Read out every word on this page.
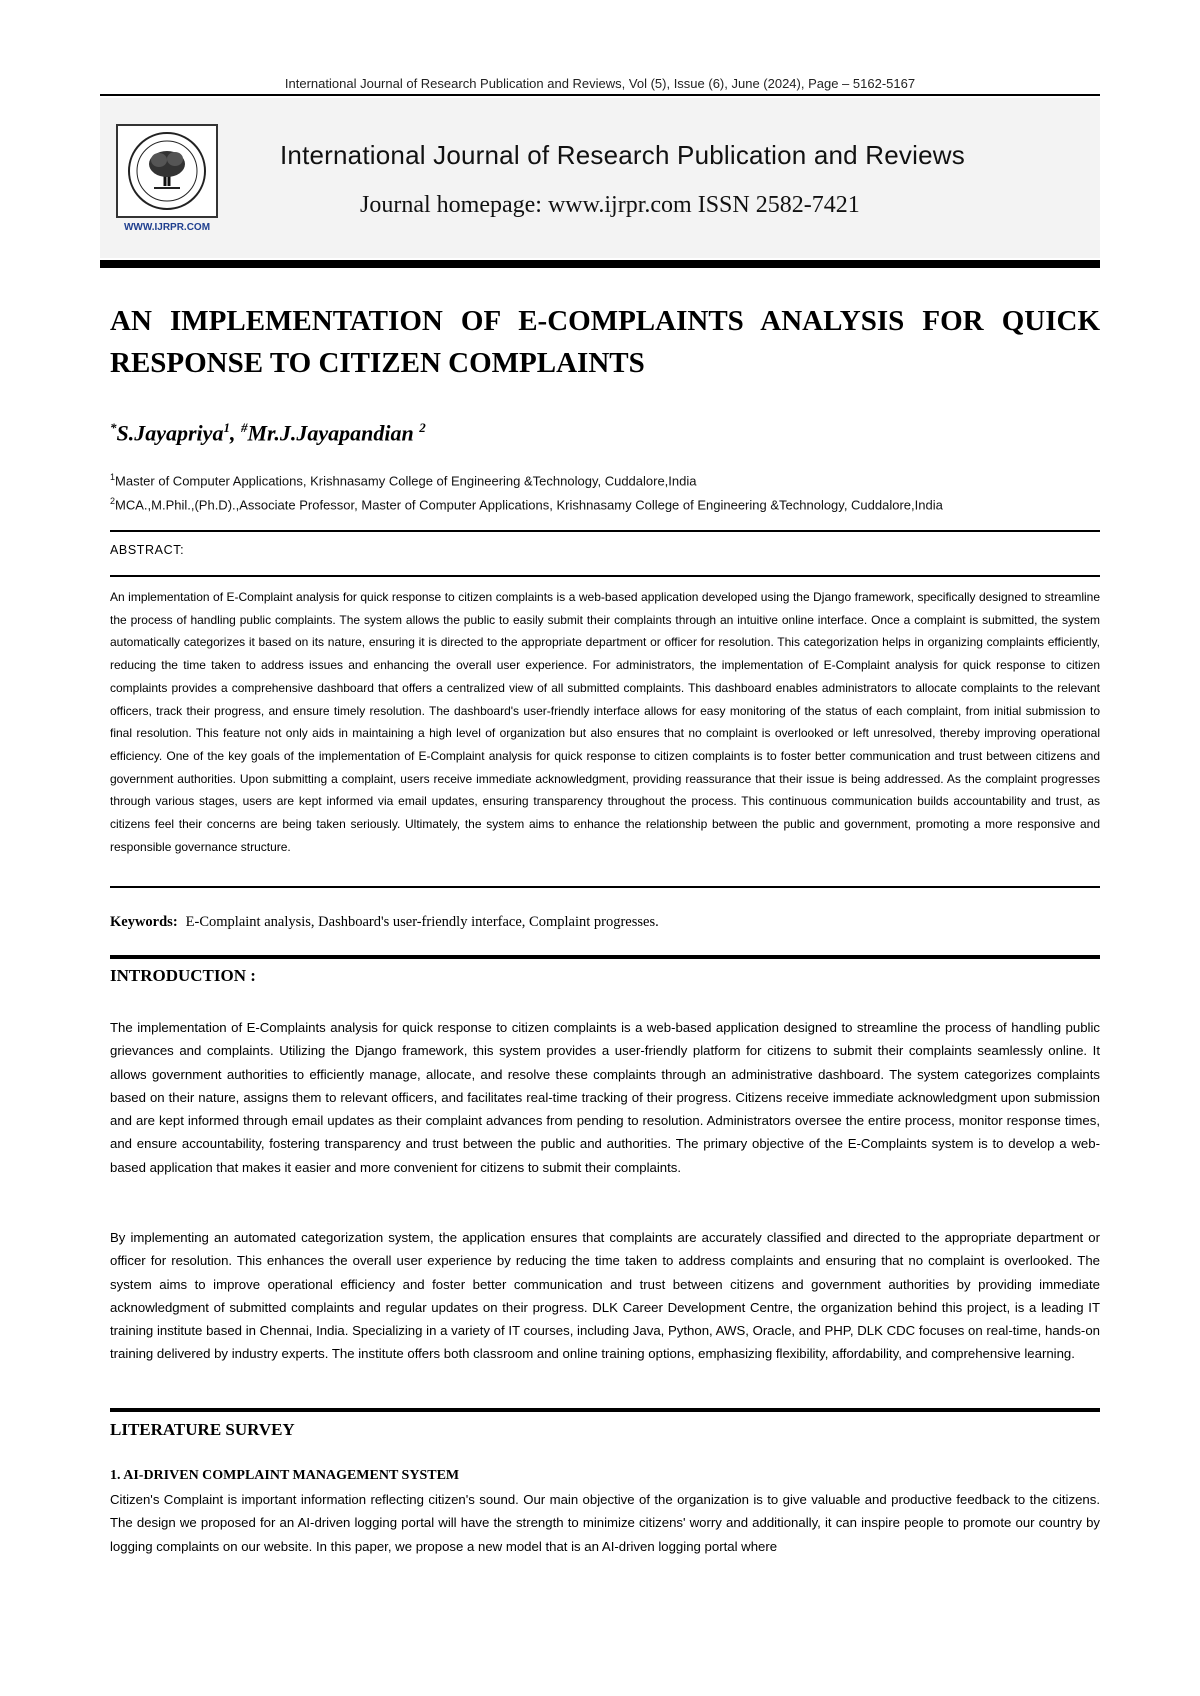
International Journal of Research Publication and Reviews, Vol (5), Issue (6), June (2024), Page – 5162-5167
WWW.IJRPR.COM
International Journal of Research Publication and Reviews
Journal homepage: www.ijrpr.com ISSN 2582-7421
AN IMPLEMENTATION OF E-COMPLAINTS ANALYSIS FOR QUICK RESPONSE TO CITIZEN COMPLAINTS
*S.Jayapriya$^1$, #Mr.J.Jayapandian $^2$
$^1$Master of Computer Applications, Krishnasamy College of Engineering &Technology, Cuddalore,India
$^2$MCA.,M.Phil.,(Ph.D).,Associate Professor, Master of Computer Applications, Krishnasamy College of Engineering &Technology, Cuddalore,India
ABSTRACT:

An implementation of E-Complaint analysis for quick response to citizen complaints is a web-based application developed using the Django framework, specifically designed to streamline the process of handling public complaints. The system allows the public to easily submit their complaints through an intuitive online interface. Once a complaint is submitted, the system automatically categorizes it based on its nature, ensuring it is directed to the appropriate department or officer for resolution. This categorization helps in organizing complaints efficiently, reducing the time taken to address issues and enhancing the overall user experience. For administrators, the implementation of E-Complaint analysis for quick response to citizen complaints provides a comprehensive dashboard that offers a centralized view of all submitted complaints. This dashboard enables administrators to allocate complaints to the relevant officers, track their progress, and ensure timely resolution. The dashboard's user-friendly interface allows for easy monitoring of the status of each complaint, from initial submission to final resolution. This feature not only aids in maintaining a high level of organization but also ensures that no complaint is overlooked or left unresolved, thereby improving operational efficiency. One of the key goals of the implementation of E-Complaint analysis for quick response to citizen complaints is to foster better communication and trust between citizens and government authorities. Upon submitting a complaint, users receive immediate acknowledgment, providing reassurance that their issue is being addressed. As the complaint progresses through various stages, users are kept informed via email updates, ensuring transparency throughout the process. This continuous communication builds accountability and trust, as citizens feel their concerns are being taken seriously. Ultimately, the system aims to enhance the relationship between the public and government, promoting a more responsive and responsible governance structure.

Keywords: E-Complaint analysis, Dashboard's user-friendly interface, Complaint progresses.
INTRODUCTION :

The implementation of E-Complaints analysis for quick response to citizen complaints is a web-based application designed to streamline the process of handling public grievances and complaints. Utilizing the Django framework, this system provides a user-friendly platform for citizens to submit their complaints seamlessly online. It allows government authorities to efficiently manage, allocate, and resolve these complaints through an administrative dashboard. The system categorizes complaints based on their nature, assigns them to relevant officers, and facilitates real-time tracking of their progress. Citizens receive immediate acknowledgment upon submission and are kept informed through email updates as their complaint advances from pending to resolution. Administrators oversee the entire process, monitor response times, and ensure accountability, fostering transparency and trust between the public and authorities. The primary objective of the E-Complaints system is to develop a web-based application that makes it easier and more convenient for citizens to submit their complaints.

By implementing an automated categorization system, the application ensures that complaints are accurately classified and directed to the appropriate department or officer for resolution. This enhances the overall user experience by reducing the time taken to address complaints and ensuring that no complaint is overlooked. The system aims to improve operational efficiency and foster better communication and trust between citizens and government authorities by providing immediate acknowledgment of submitted complaints and regular updates on their progress. DLK Career Development Centre, the organization behind this project, is a leading IT training institute based in Chennai, India. Specializing in a variety of IT courses, including Java, Python, AWS, Oracle, and PHP, DLK CDC focuses on real-time, hands-on training delivered by industry experts. The institute offers both classroom and online training options, emphasizing flexibility, affordability, and comprehensive learning.

LITERATURE SURVEY
1. AI-DRIVEN COMPLAINT MANAGEMENT SYSTEM

Citizen's Complaint is important information reflecting citizen's sound. Our main objective of the organization is to give valuable and productive feedback to the citizens. The design we proposed for an AI-driven logging portal will have the strength to minimize citizens' worry and additionally, it can inspire people to promote our country by logging complaints on our website. In this paper, we propose a new model that is an AI-driven logging portal where
